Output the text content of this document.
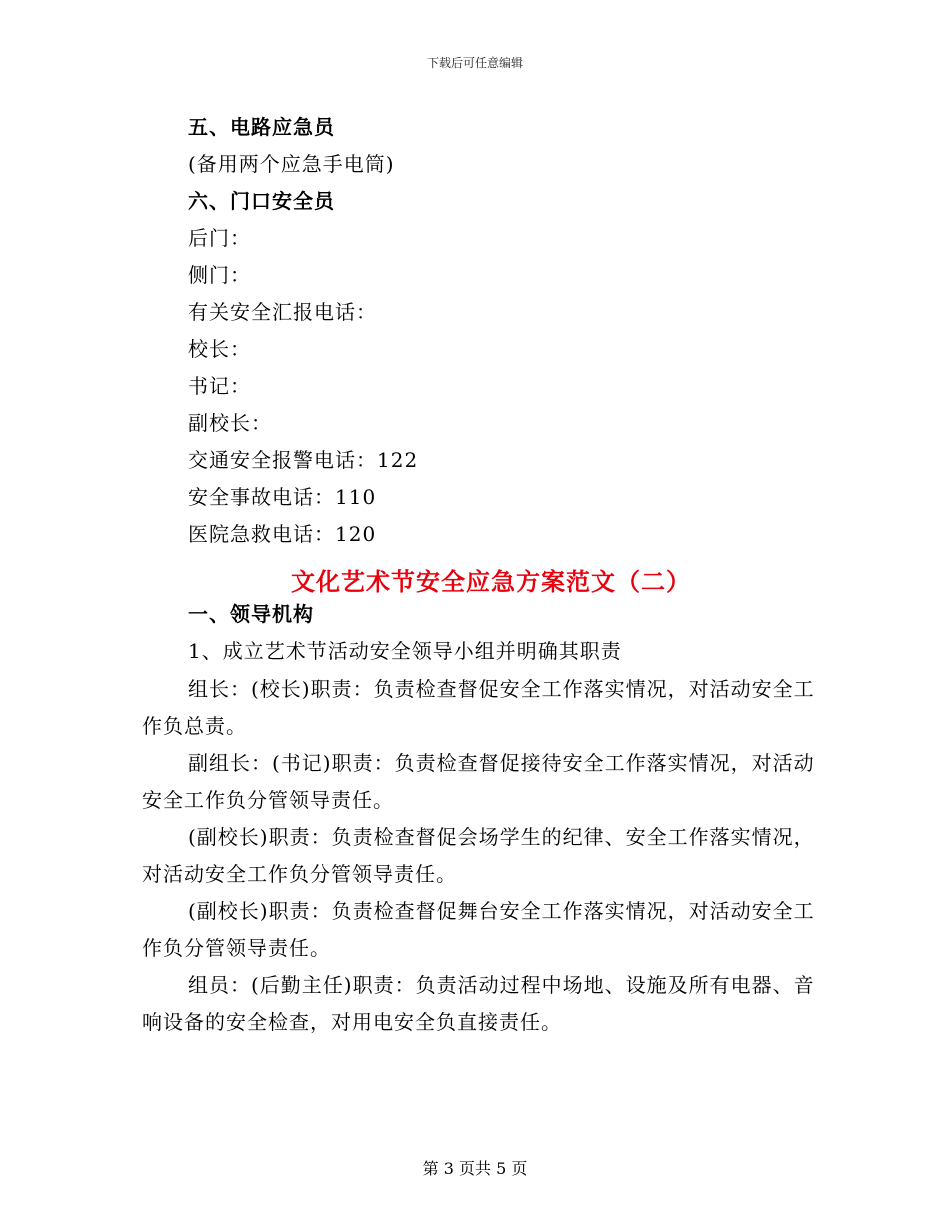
下载后可任意编辑
五、电路应急员
(备用两个应急手电筒)
六、门口安全员
后门：
侧门：
有关安全汇报电话：
校长：
书记：
副校长：
交通安全报警电话：122
安全事故电话：110
医院急救电话：120
文化艺术节安全应急方案范文（二）
一、领导机构
1、成立艺术节活动安全领导小组并明确其职责
组长：(校长)职责：负责检查督促安全工作落实情况，对活动安全工作负总责。
副组长：(书记)职责：负责检查督促接待安全工作落实情况，对活动安全工作负分管领导责任。
(副校长)职责：负责检查督促会场学生的纪律、安全工作落实情况，对活动安全工作负分管领导责任。
(副校长)职责：负责检查督促舞台安全工作落实情况，对活动安全工作负分管领导责任。
组员：(后勤主任)职责：负责活动过程中场地、设施及所有电器、音响设备的安全检查，对用电安全负直接责任。
第 3 页共 5 页
